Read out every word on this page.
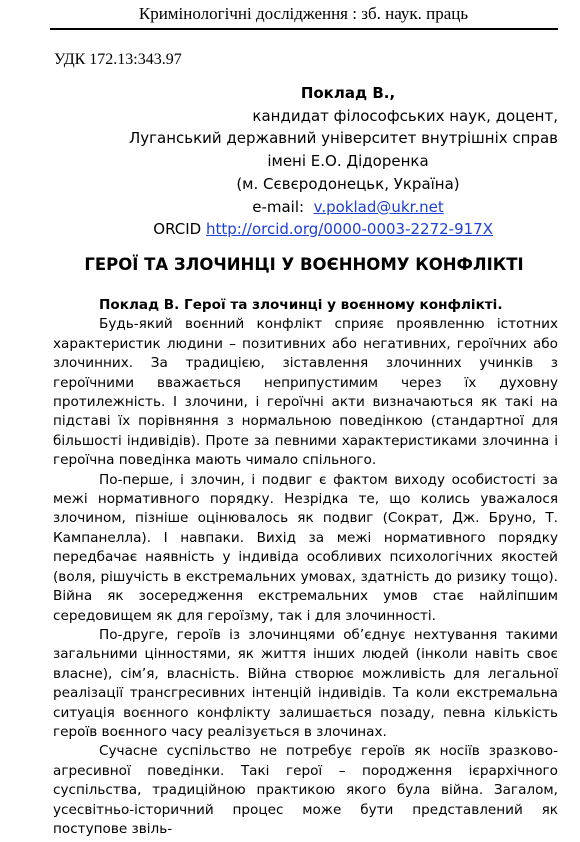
Кримінологічні дослідження : зб. наук. праць
УДК 172.13:343.97
Поклад В.,
кандидат філософських наук, доцент,
Луганський державний університет внутрішніх справ
імені Е.О. Дідоренка
(м. Сєвєродонецьк, Україна)
e-mail: v.poklad@ukr.net
ORCID http://orcid.org/0000-0003-2272-917X
ГЕРОЇ ТА ЗЛОЧИНЦІ У ВОЄННОМУ КОНФЛІКТІ

Поклад В. Герої та злочинці у воєнному конфлікті.

Будь-який воєнний конфлікт сприяє проявленню істотних характеристик людини – позитивних або негативних, героїчних або злочинних. За традицією, зіставлення злочинних учинків з героїчними вважається неприпустимим через їх духовну протилежність. І злочини, і героїчні акти визначаються як такі на підставі їх порівняння з нормальною поведінкою (стандартної для більшості індивідів). Проте за певними характеристиками злочинна і героїчна поведінка мають чимало спільного.

По-перше, і злочин, і подвиг є фактом виходу особистості за межі нормативного порядку. Незрідка те, що колись уважалося злочином, пізніше оцінювалось як подвиг (Сократ, Дж. Бруно, Т. Кампанелла). І навпаки. Вихід за межі нормативного порядку передбачає наявність у індивіда особливих психологічних якостей (воля, рішучість в екстремальних умовах, здатність до ризику тощо). Війна як зосередження екстремальних умов стає найліпшим середовищем як для героїзму, так і для злочинності.

По-друге, героїв із злочинцями об’єднує нехтування такими загальними цінностями, як життя інших людей (інколи навіть своє власне), сім’я, власність. Війна створює можливість для легальної реалізації трансгресивних інтенцій індивідів. Та коли екстремальна ситуація воєнного конфлікту залишається позаду, певна кількість героїв воєнного часу реалізується в злочинах.

Сучасне суспільство не потребує героїв як носіїв зразково-агресивної поведінки. Такі герої – породження ієрархічного суспільства, традиційною практикою якого була війна. Загалом, усесвітньо-історичний процес може бути представлений як поступове звіль-
